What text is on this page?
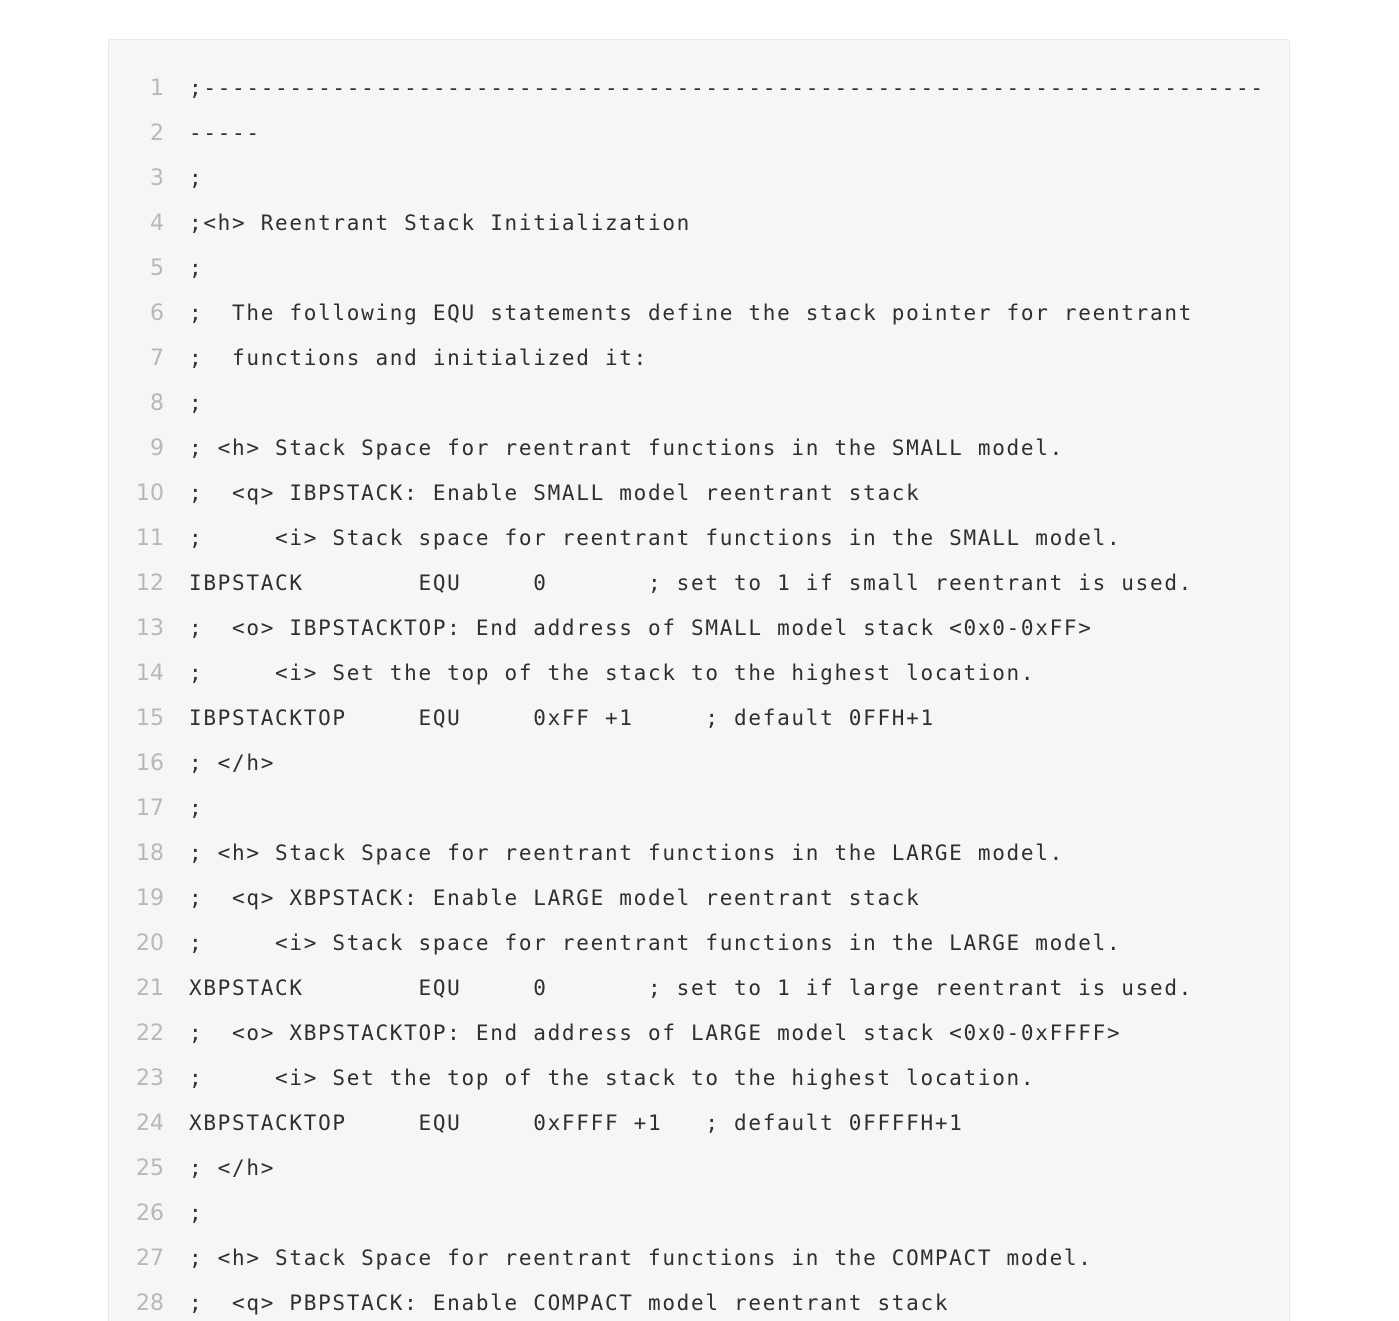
1 ;--------------------------------------------------------------------------
2 -----
3 ;
4 ;<h> Reentrant Stack Initialization
5 ;
6 ;  The following EQU statements define the stack pointer for reentrant
7 ;  functions and initialized it:
8 ;
9 ; <h> Stack Space for reentrant functions in the SMALL model.
10 ;  <q> IBPSTACK: Enable SMALL model reentrant stack
11 ;     <i> Stack space for reentrant functions in the SMALL model.
12 IBPSTACK        EQU     0       ; set to 1 if small reentrant is used.
13 ;  <o> IBPSTACKTOP: End address of SMALL model stack <0x0-0xFF>
14 ;     <i> Set the top of the stack to the highest location.
15 IBPSTACKTOP     EQU     0xFF +1     ; default 0FFH+1
16 ; </h>
17 ;
18 ; <h> Stack Space for reentrant functions in the LARGE model.
19 ;  <q> XBPSTACK: Enable LARGE model reentrant stack
20 ;     <i> Stack space for reentrant functions in the LARGE model.
21 XBPSTACK        EQU     0       ; set to 1 if large reentrant is used.
22 ;  <o> XBPSTACKTOP: End address of LARGE model stack <0x0-0xFFFF>
23 ;     <i> Set the top of the stack to the highest location.
24 XBPSTACKTOP     EQU     0xFFFF +1   ; default 0FFFFH+1
25 ; </h>
26 ;
27 ; <h> Stack Space for reentrant functions in the COMPACT model.
28 ;  <q> PBPSTACK: Enable COMPACT model reentrant stack
